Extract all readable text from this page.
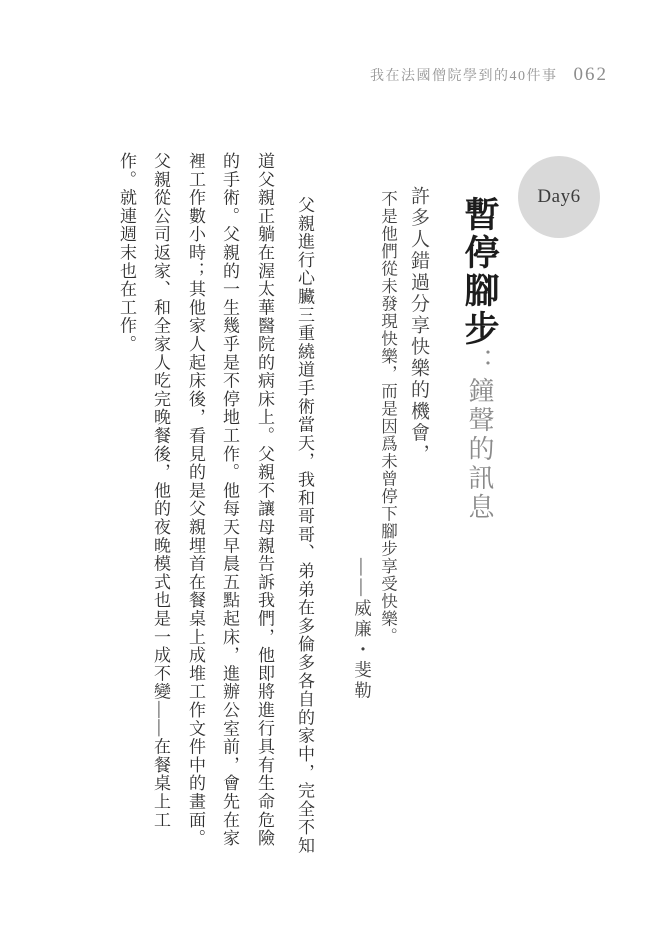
我在法國僧院學到的40件事 062
Day6
暫停腳步：鐘聲的訊息
許多人錯過分享快樂的機會，
不是他們從未發現快樂，而是因爲未曾停下腳步享受快樂。
——威廉・斐勒
父親進行心臟三重繞道手術當天，我和哥哥、弟弟在多倫多各自的家中，完全不知
道父親正躺在渥太華醫院的病床上。父親不讓母親告訴我們，他即將進行具有生命危險
的手術。父親的一生幾乎是不停地工作。他每天早晨五點起床，進辦公室前，會先在家
裡工作數小時；其他家人起床後，看見的是父親埋首在餐桌上成堆工作文件中的畫面。
父親從公司返家、和全家人吃完晚餐後，他的夜晚模式也是一成不變——在餐桌上工
作。就連週末也在工作。
